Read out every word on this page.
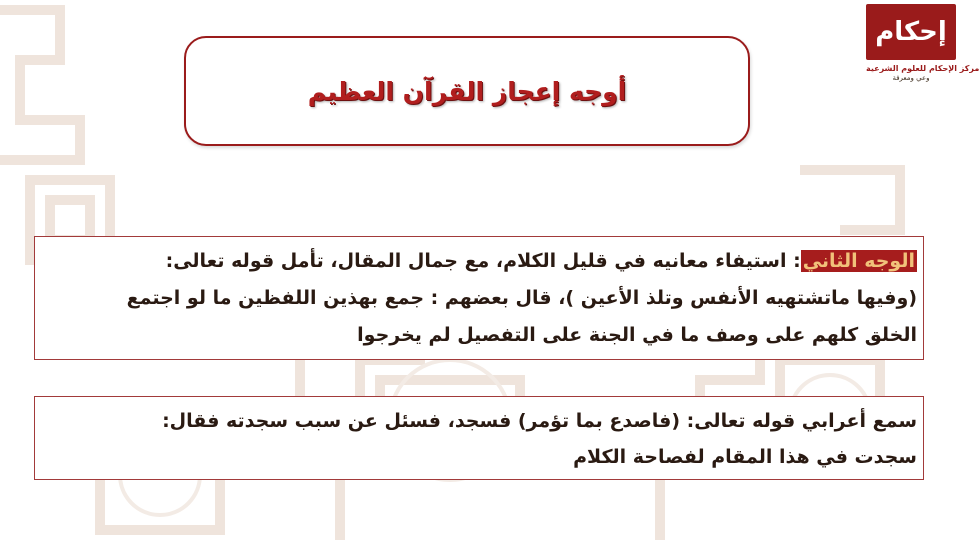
إحكام
مركز الإحكام للعلوم الشرعية
وعي ومعرفة
أوجه إعجاز القرآن العظيم
الوجه الثاني: استيفاء معانيه في قليل الكلام، مع جمال المقال، تأمل قوله تعالى:
(وفيها ماتشتهيه الأنفس وتلذ الأعين )، قال بعضهم : جمع بهذين اللفظين ما لو اجتمع
الخلق كلهم على وصف ما في الجنة على التفصيل لم يخرجوا
سمع أعرابي قوله تعالى: (فاصدع بما تؤمر) فسجد، فسئل عن سبب سجدته فقال:
سجدت في هذا المقام لفصاحة الكلام
